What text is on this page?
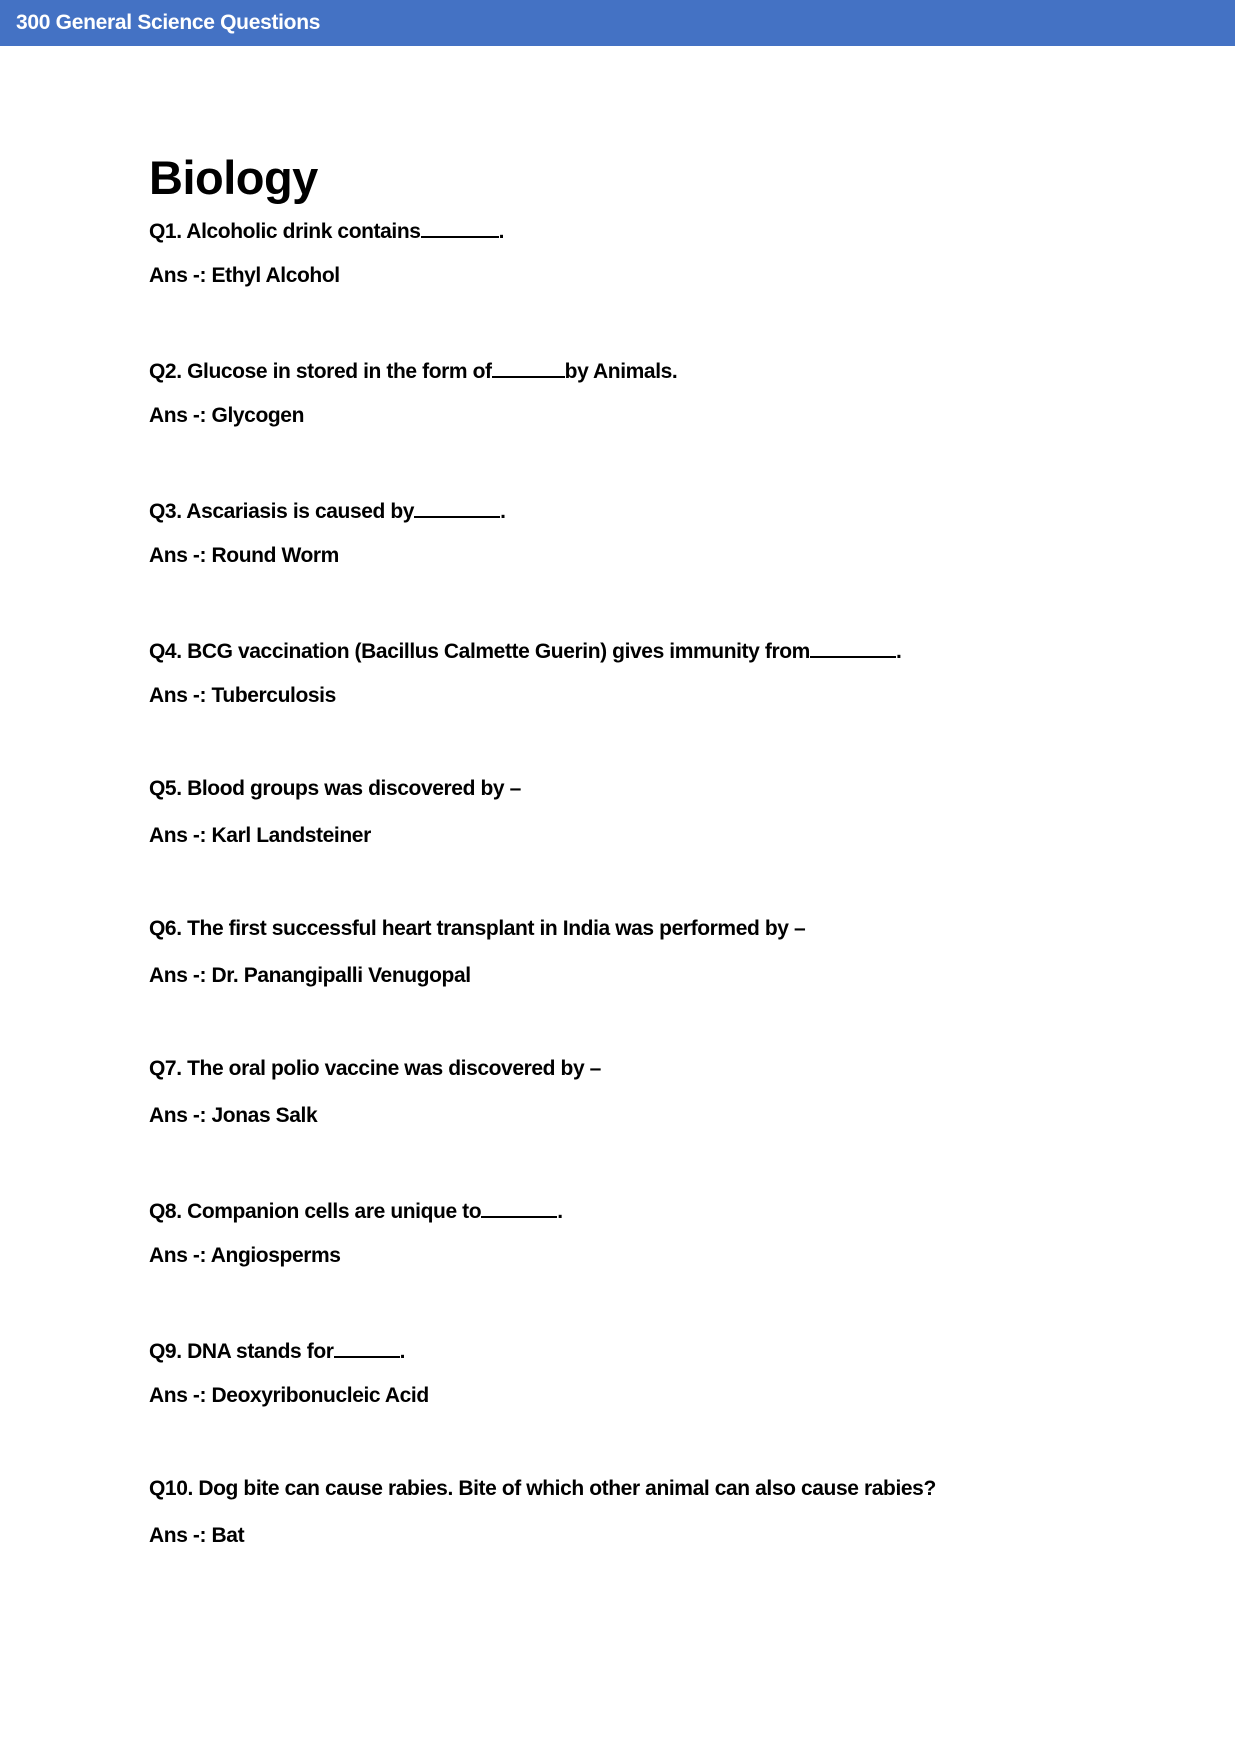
300 General Science Questions
Biology
Q1. Alcoholic drink contains	.
Ans -: Ethyl Alcohol
Q2. Glucose in stored in the form of	by Animals.
Ans -: Glycogen
Q3. Ascariasis is caused by	.
Ans -: Round Worm
Q4. BCG vaccination (Bacillus Calmette Guerin) gives immunity from	.
Ans -: Tuberculosis
Q5. Blood groups was discovered by –
Ans -: Karl Landsteiner
Q6. The first successful heart transplant in India was performed by –
Ans -: Dr. Panangipalli Venugopal
Q7. The oral polio vaccine was discovered by –
Ans -: Jonas Salk
Q8. Companion cells are unique to	.
Ans -: Angiosperms
Q9. DNA stands for	.
Ans -: Deoxyribonucleic Acid
Q10. Dog bite can cause rabies. Bite of which other animal can also cause rabies?
Ans -: Bat
